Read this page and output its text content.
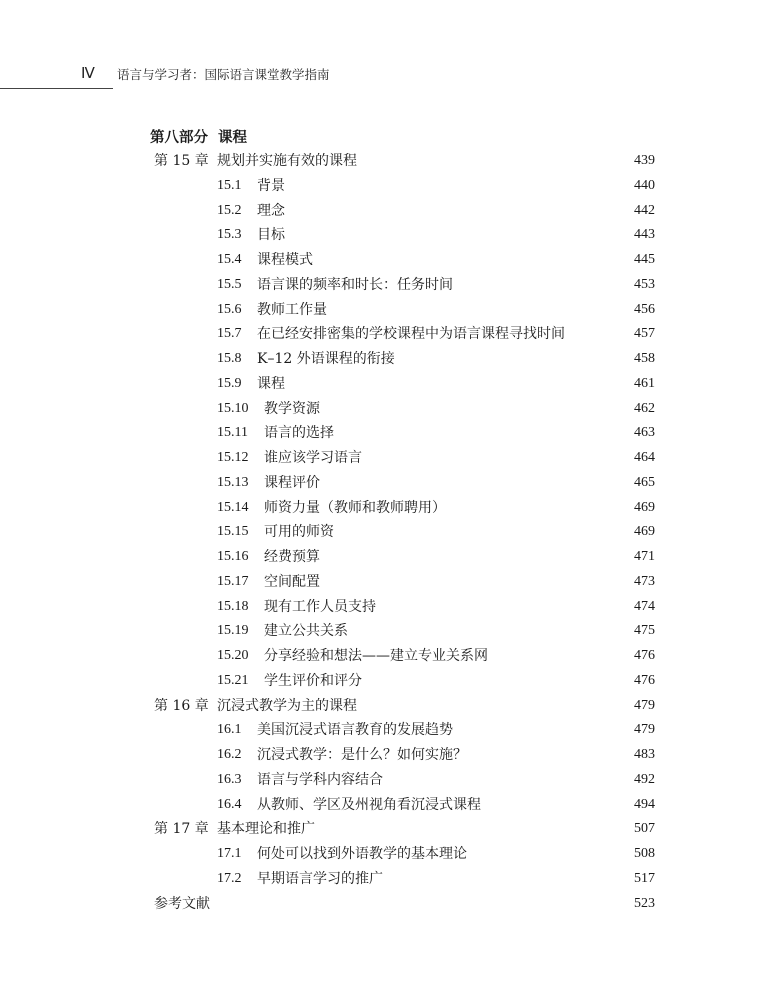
Ⅳ 语言与学习者：国际语言课堂教学指南
第八部分 课程
第 15 章 规划并实施有效的课程	439
15.1 背景	440
15.2 理念	442
15.3 目标	443
15.4 课程模式	445
15.5 语言课的频率和时长：任务时间	453
15.6 教师工作量	456
15.7 在已经安排密集的学校课程中为语言课程寻找时间	457
15.8 K–12 外语课程的衔接	458
15.9 课程	461
15.10 教学资源	462
15.11 语言的选择	463
15.12 谁应该学习语言	464
15.13 课程评价	465
15.14 师资力量（教师和教师聘用）	469
15.15 可用的师资	469
15.16 经费预算	471
15.17 空间配置	473
15.18 现有工作人员支持	474
15.19 建立公共关系	475
15.20 分享经验和想法——建立专业关系网	476
15.21 学生评价和评分	476
第 16 章 沉浸式教学为主的课程	479
16.1 美国沉浸式语言教育的发展趋势	479
16.2 沉浸式教学：是什么？如何实施？	483
16.3 语言与学科内容结合	492
16.4 从教师、学区及州视角看沉浸式课程	494
第 17 章 基本理论和推广	507
17.1 何处可以找到外语教学的基本理论	508
17.2 早期语言学习的推广	517
参考文献	523
